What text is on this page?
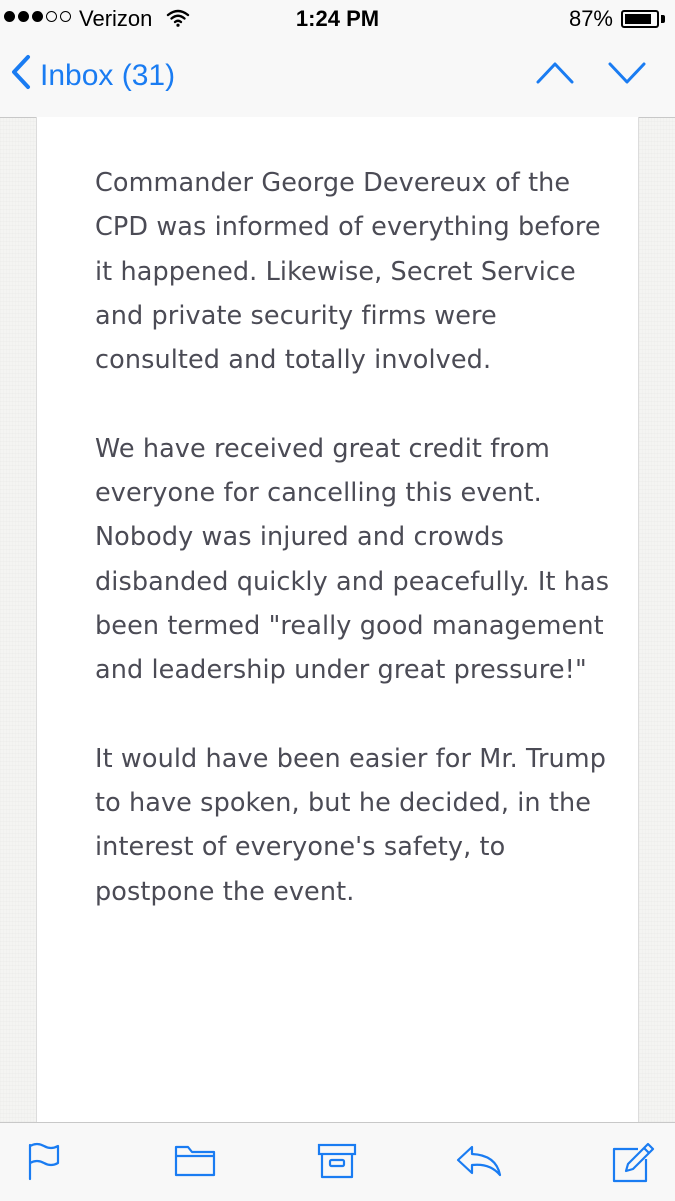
Verizon	1:24 PM	87%
Inbox (31)

Commander George Devereux of the CPD was informed of everything before it happened. Likewise, Secret Service and private security firms were consulted and totally involved.

We have received great credit from everyone for cancelling this event. Nobody was injured and crowds disbanded quickly and peacefully. It has been termed "really good management and leadership under great pressure!"

It would have been easier for Mr. Trump to have spoken, but he decided, in the interest of everyone's safety, to postpone the event.
